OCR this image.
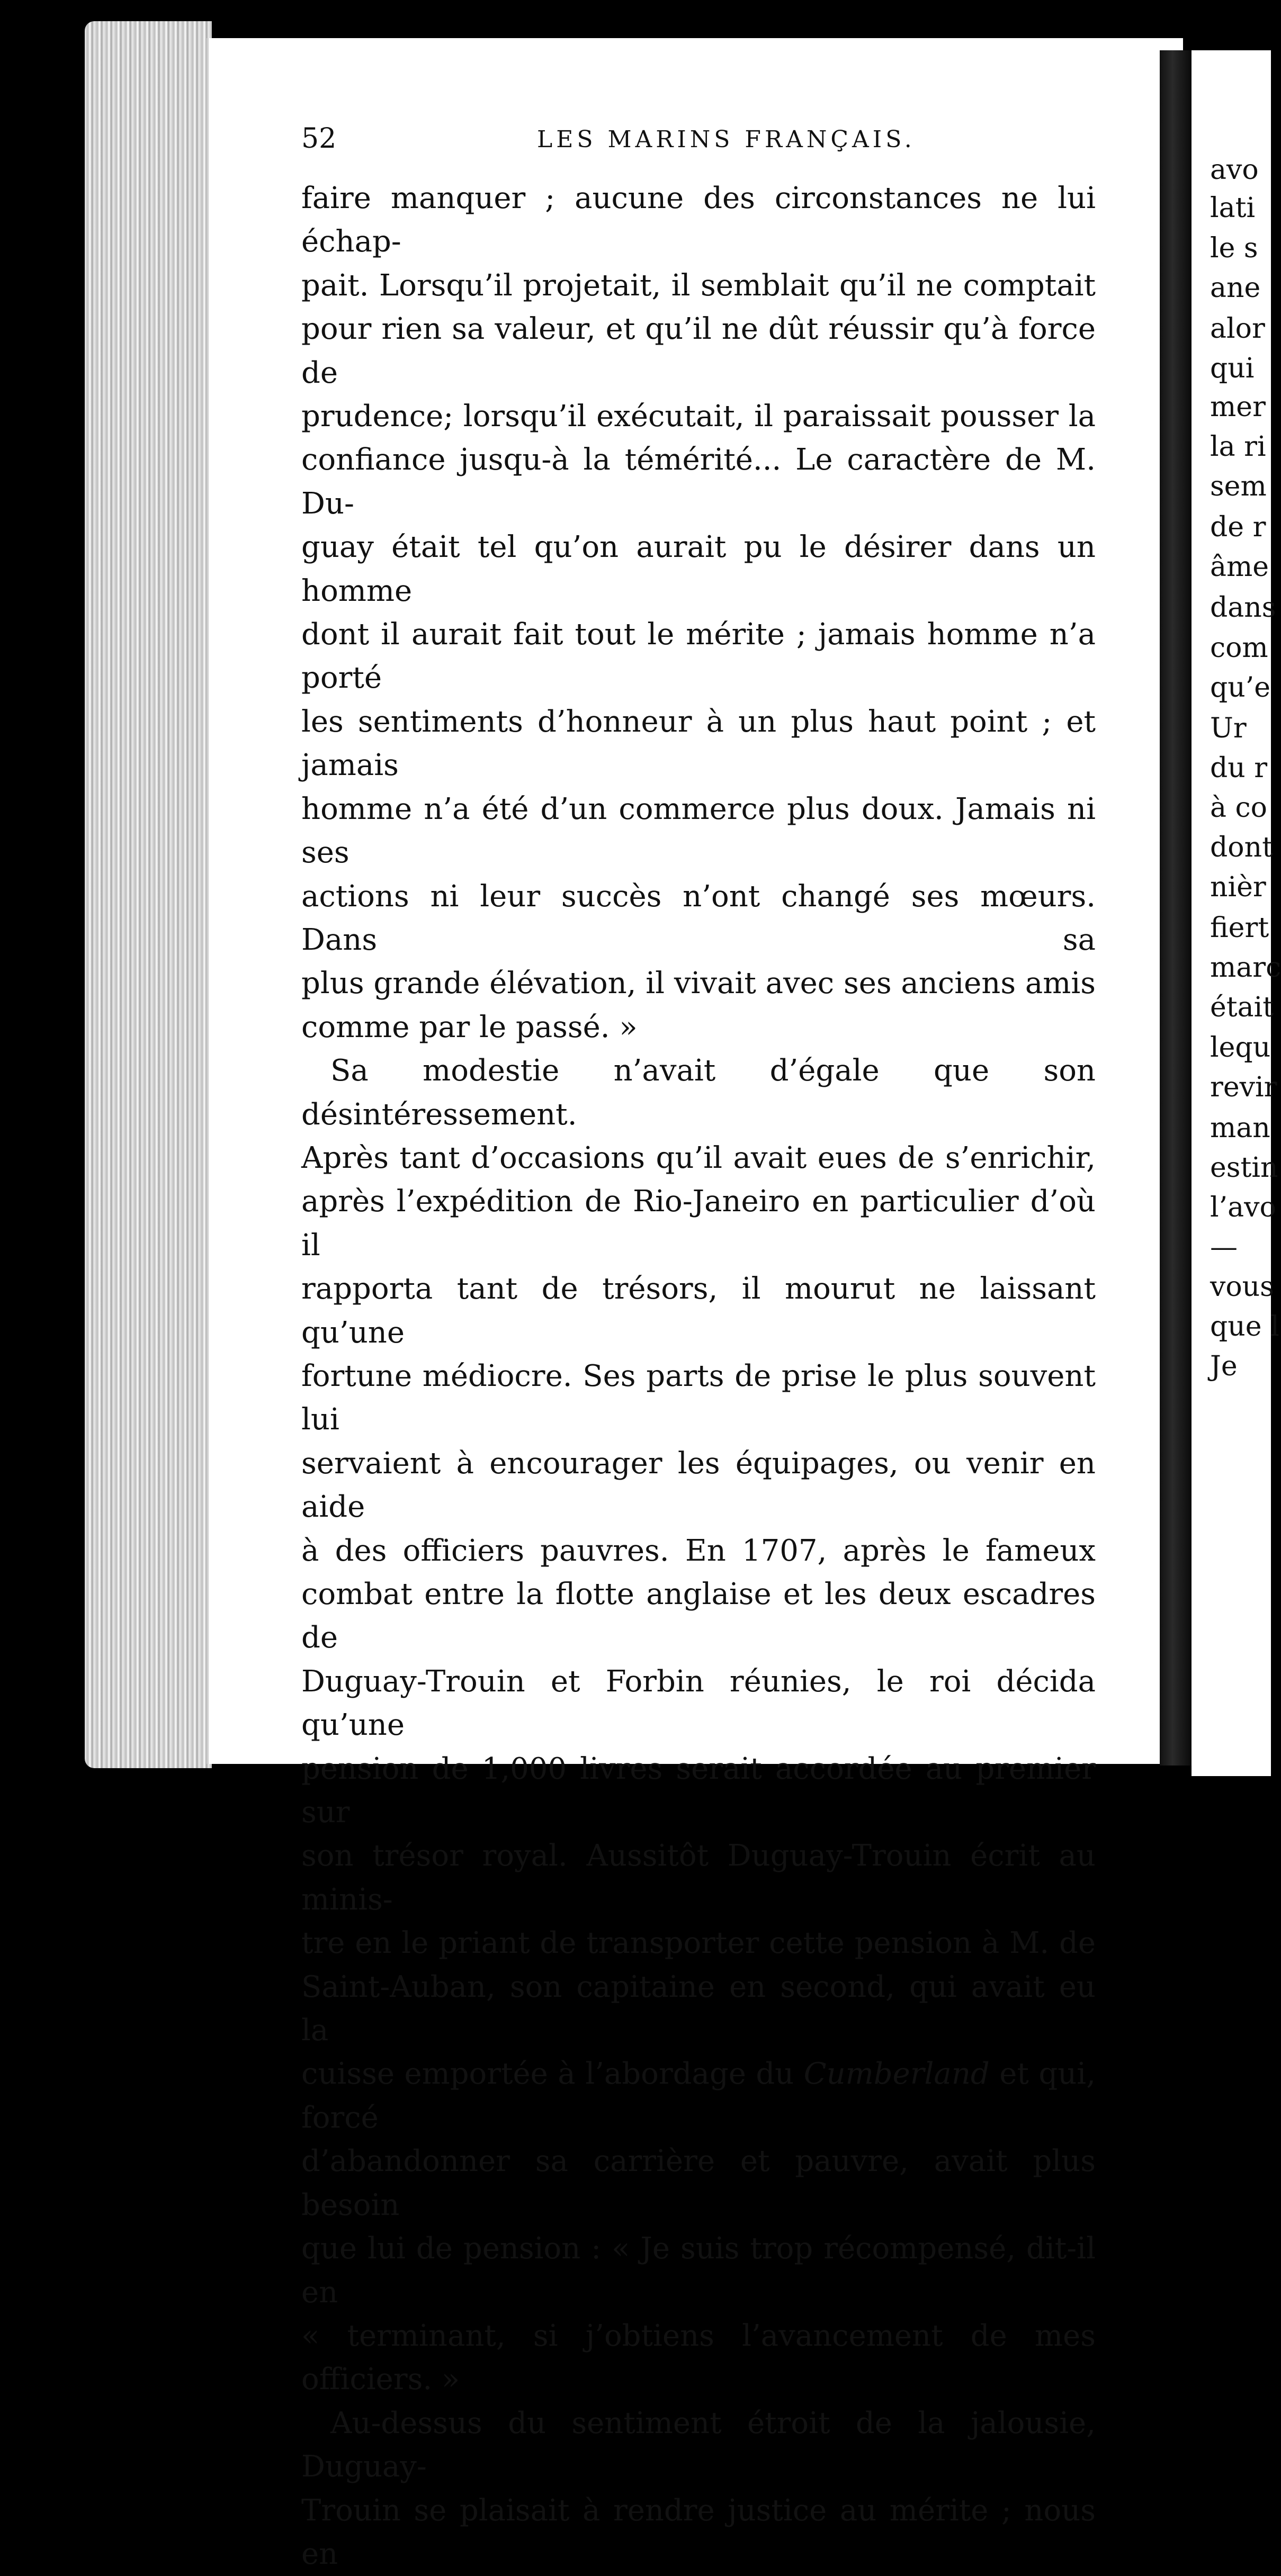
52	LES MARINS FRANÇAIS.

faire manquer ; aucune des circonstances ne lui échap-
pait. Lorsqu’il projetait, il semblait qu’il ne comptait
pour rien sa valeur, et qu’il ne dût réussir qu’à force de
prudence; lorsqu’il exécutait, il paraissait pousser la
confiance jusqu-à la témérité... Le caractère de M. Du-
guay était tel qu’on aurait pu le désirer dans un homme
dont il aurait fait tout le mérite ; jamais homme n’a porté
les sentiments d’honneur à un plus haut point ; et jamais
homme n’a été d’un commerce plus doux. Jamais ni ses
actions ni leur succès n’ont changé ses mœurs. Dans sa
plus grande élévation, il vivait avec ses anciens amis
comme par le passé. »

Sa modestie n’avait d’égale que son désintéressement.
Après tant d’occasions qu’il avait eues de s’enrichir,
après l’expédition de Rio-Janeiro en particulier d’où il
rapporta tant de trésors, il mourut ne laissant qu’une
fortune médiocre. Ses parts de prise le plus souvent lui
servaient à encourager les équipages, ou venir en aide
à des officiers pauvres. En 1707, après le fameux
combat entre la flotte anglaise et les deux escadres de
Duguay-Trouin et Forbin réunies, le roi décida qu’une
pension de 1,000 livres serait accordée au premier sur
son trésor royal. Aussitôt Duguay-Trouin écrit au minis-
tre en le priant de transporter cette pension à M. de
Saint-Auban, son capitaine en second, qui avait eu la
cuisse emportée à l’abordage du Cumberland et qui, forcé
d’abandonner sa carrière et pauvre, avait plus besoin
que lui de pension : « Je suis trop récompensé, dit-il en
« terminant, si j’obtiens l’avancement de mes officiers. »

Au-dessus du sentiment étroit de la jalousie, Duguay-
Trouin se plaisait à rendre justice au mérite ; nous en

avo
lati
le s
ane
alor
qui
mer
la ri
sem
de r
âme
dans
com
qu’e
Ur
du r
à co
dont
nièr
fiert
marc
était
lequ
revir
man
estin
l’avo
—
vous
que l
Je
